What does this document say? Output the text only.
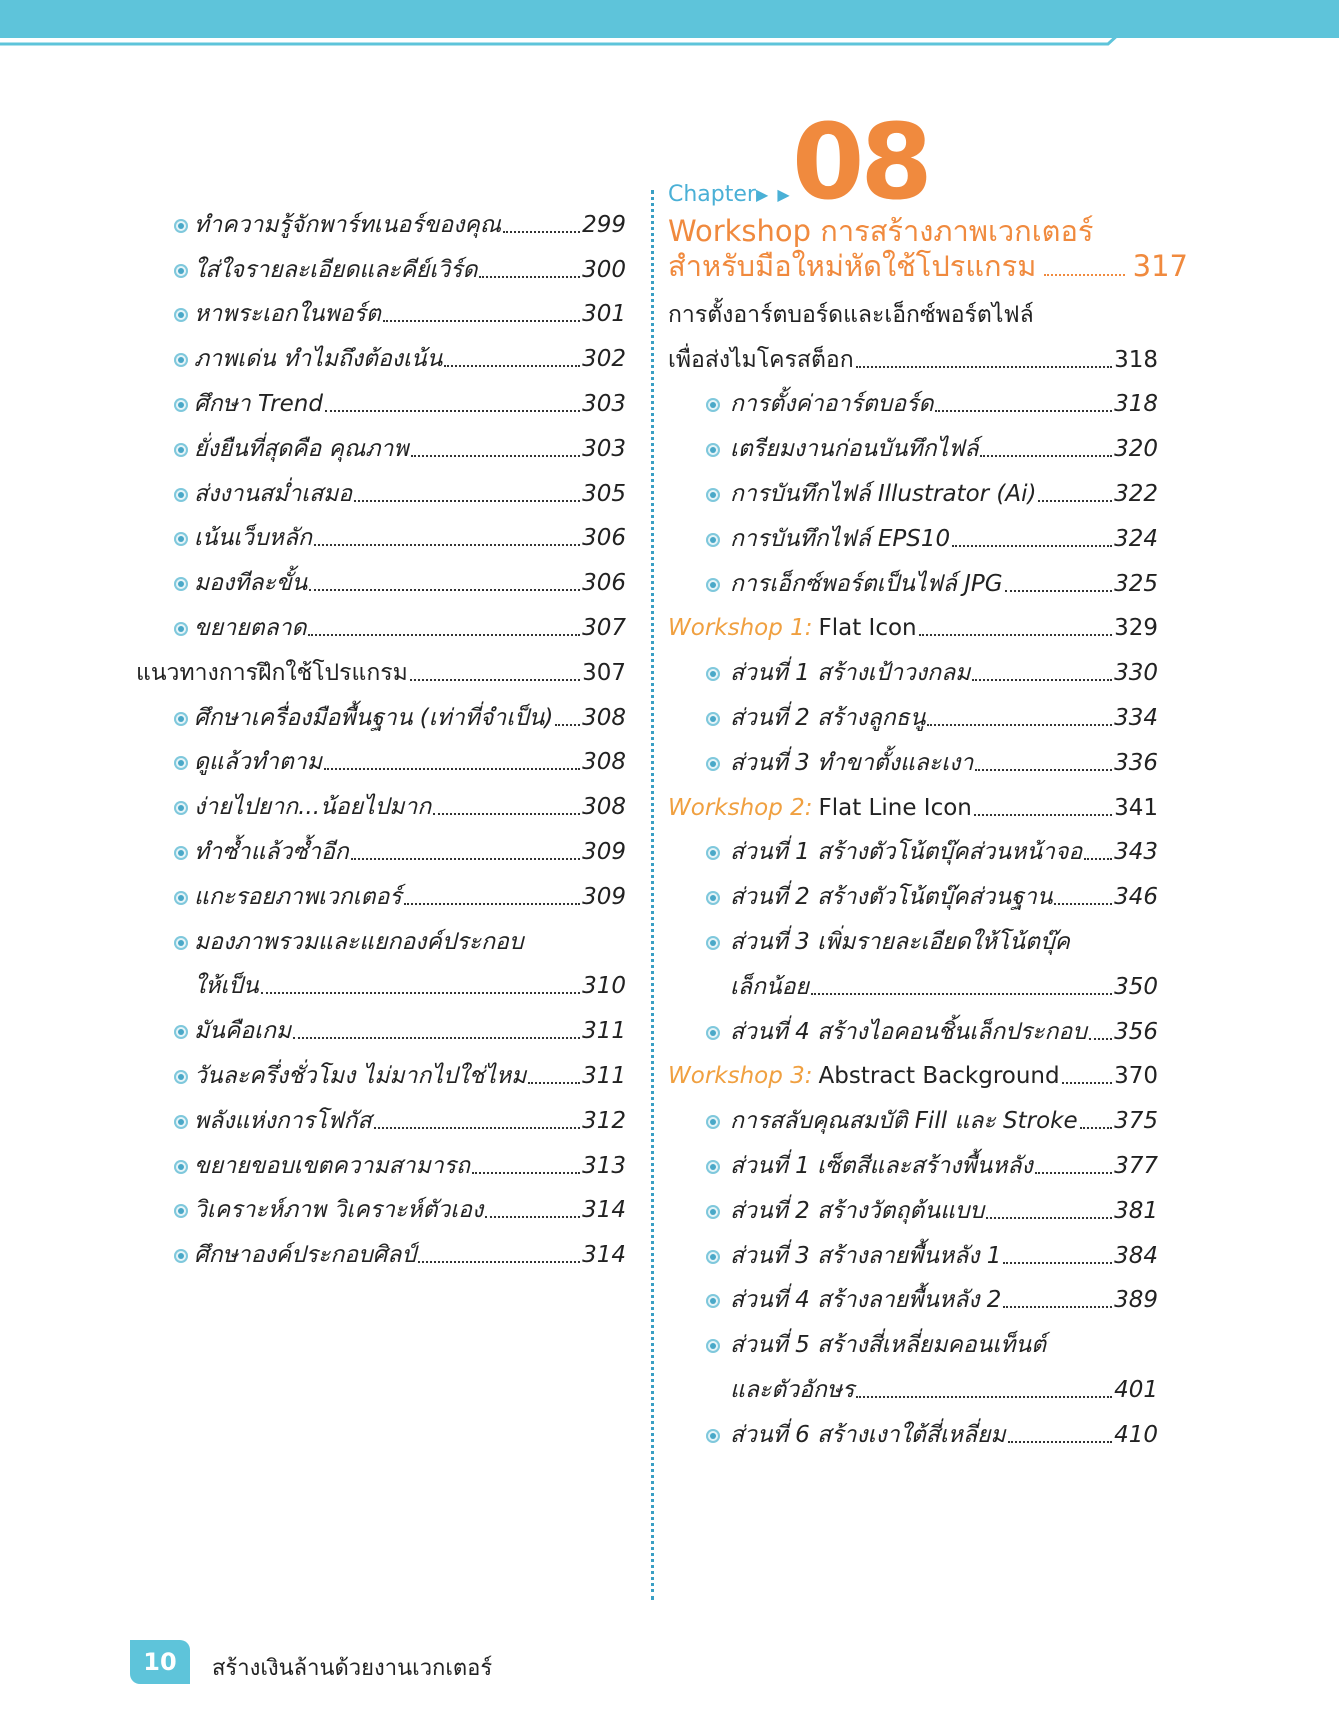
ทำความรู้จักพาร์ทเนอร์ของคุณ	299
ใส่ใจรายละเอียดและคีย์เวิร์ด	300
หาพระเอกในพอร์ต	301
ภาพเด่น ทำไมถึงต้องเน้น	302
ศึกษา Trend	303
ยั่งยืนที่สุดคือ คุณภาพ	303
ส่งงานสม่ำเสมอ	305
เน้นเว็บหลัก	306
มองทีละขั้น	306
ขยายตลาด	307
แนวทางการฝึกใช้โปรแกรม	307
ศึกษาเครื่องมือพื้นฐาน (เท่าที่จำเป็น) 308
ดูแล้วทำตาม	308
ง่ายไปยาก...น้อยไปมาก	308
ทำซ้ำแล้วซ้ำอีก	309
แกะรอยภาพเวกเตอร์	309
มองภาพรวมและแยกองค์ประกอบ
ให้เป็น	310
มันคือเกม	311
วันละครึ่งชั่วโมง ไม่มากไปใช่ไหม 311
พลังแห่งการโฟกัส	312
ขยายขอบเขตความสามารถ	313
วิเคราะห์ภาพ วิเคราะห์ตัวเอง	314
ศึกษาองค์ประกอบศิลป์	314
Chapter ▶ ▶ 08
Workshop การสร้างภาพเวกเตอร์
สำหรับมือใหม่หัดใช้โปรแกรม	317
การตั้งอาร์ตบอร์ดและเอ็กซ์พอร์ตไฟล์
เพื่อส่งไมโครสต็อก	318
การตั้งค่าอาร์ตบอร์ด	318
เตรียมงานก่อนบันทึกไฟล์	320
การบันทึกไฟล์ Illustrator (Ai)	322
การบันทึกไฟล์ EPS10	324
การเอ็กซ์พอร์ตเป็นไฟล์ JPG	325
Workshop 1: Flat Icon	329
ส่วนที่ 1 สร้างเป้าวงกลม	330
ส่วนที่ 2 สร้างลูกธนู	334
ส่วนที่ 3 ทำขาตั้งและเงา	336
Workshop 2: Flat Line Icon	341
ส่วนที่ 1 สร้างตัวโน้ตบุ๊คส่วนหน้าจอ 343
ส่วนที่ 2 สร้างตัวโน้ตบุ๊คส่วนฐาน	346
ส่วนที่ 3 เพิ่มรายละเอียดให้โน้ตบุ๊ค
เล็กน้อย	350
ส่วนที่ 4 สร้างไอคอนชิ้นเล็กประกอบ 356
Workshop 3: Abstract Background 370
การสลับคุณสมบัติ Fill และ Stroke 375
ส่วนที่ 1 เซ็ตสีและสร้างพื้นหลัง	377
ส่วนที่ 2 สร้างวัตถุต้นแบบ	381
ส่วนที่ 3 สร้างลายพื้นหลัง 1	384
ส่วนที่ 4 สร้างลายพื้นหลัง 2	389
ส่วนที่ 5 สร้างสี่เหลี่ยมคอนเท็นต์
และตัวอักษร	401
ส่วนที่ 6 สร้างเงาใต้สี่เหลี่ยม	410
10	สร้างเงินล้านด้วยงานเวกเตอร์
